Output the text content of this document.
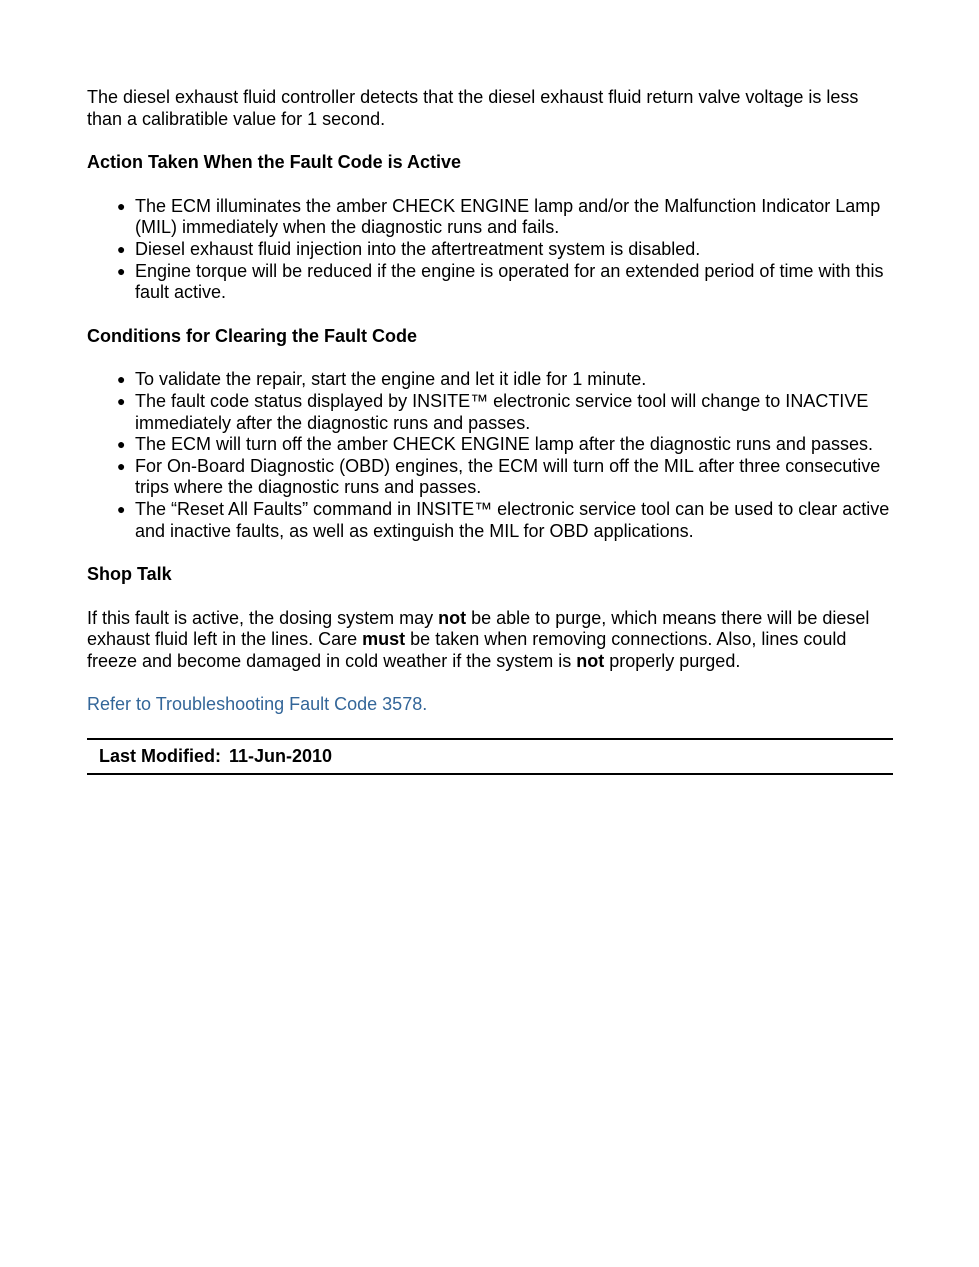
The diesel exhaust fluid controller detects that the diesel exhaust fluid return valve voltage is less than a calibratible value for 1 second.

Action Taken When the Fault Code is Active
● The ECM illuminates the amber CHECK ENGINE lamp and/or the Malfunction Indicator Lamp (MIL) immediately when the diagnostic runs and fails.
● Diesel exhaust fluid injection into the aftertreatment system is disabled.
● Engine torque will be reduced if the engine is operated for an extended period of time with this fault active.
Conditions for Clearing the Fault Code
● To validate the repair, start the engine and let it idle for 1 minute.
● The fault code status displayed by INSITE™ electronic service tool will change to INACTIVE immediately after the diagnostic runs and passes.
● The ECM will turn off the amber CHECK ENGINE lamp after the diagnostic runs and passes.
● For On-Board Diagnostic (OBD) engines, the ECM will turn off the MIL after three consecutive trips where the diagnostic runs and passes.
● The “Reset All Faults” command in INSITE™ electronic service tool can be used to clear active and inactive faults, as well as extinguish the MIL for OBD applications.
Shop Talk

If this fault is active, the dosing system may not be able to purge, which means there will be diesel exhaust fluid left in the lines. Care must be taken when removing connections. Also, lines could freeze and become damaged in cold weather if the system is not properly purged.

Refer to Troubleshooting Fault Code 3578.
Last Modified: 11-Jun-2010
